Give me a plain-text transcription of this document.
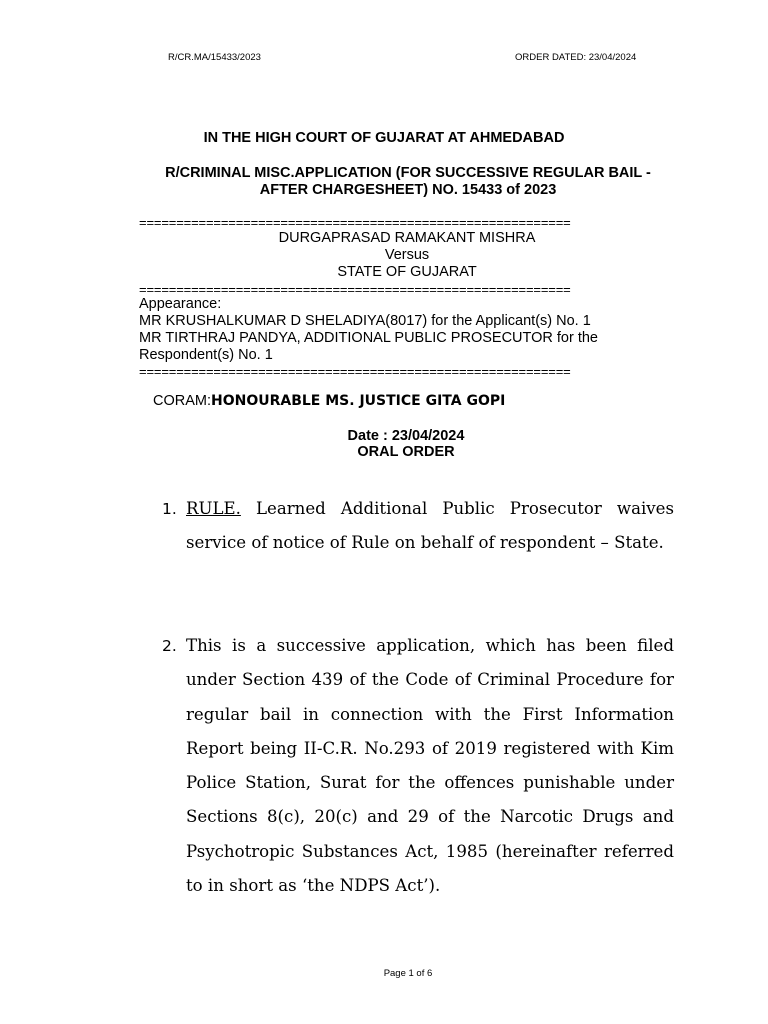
R/CR.MA/15433/2023	ORDER DATED: 23/04/2024
IN THE HIGH COURT OF GUJARAT AT AHMEDABAD
R/CRIMINAL MISC.APPLICATION (FOR SUCCESSIVE REGULAR BAIL -
AFTER CHARGESHEET) NO. 15433 of 2023
==========================================================
DURGAPRASAD RAMAKANT MISHRA
Versus
STATE OF GUJARAT
==========================================================
Appearance:
MR KRUSHALKUMAR D SHELADIYA(8017) for the Applicant(s) No. 1
MR TIRTHRAJ PANDYA, ADDITIONAL PUBLIC PROSECUTOR for the
Respondent(s) No. 1
==========================================================
CORAM:HONOURABLE MS. JUSTICE GITA GOPI
Date : 23/04/2024
ORAL ORDER
1. RULE. Learned Additional Public Prosecutor waives service of notice of Rule on behalf of respondent – State.
2. This is a successive application, which has been filed under Section 439 of the Code of Criminal Procedure for regular bail in connection with the First Information Report being II-C.R. No.293 of 2019 registered with Kim Police Station, Surat for the offences punishable under Sections 8(c), 20(c) and 29 of the Narcotic Drugs and Psychotropic Substances Act, 1985 (hereinafter referred to in short as ‘the NDPS Act’).
Page 1 of 6
